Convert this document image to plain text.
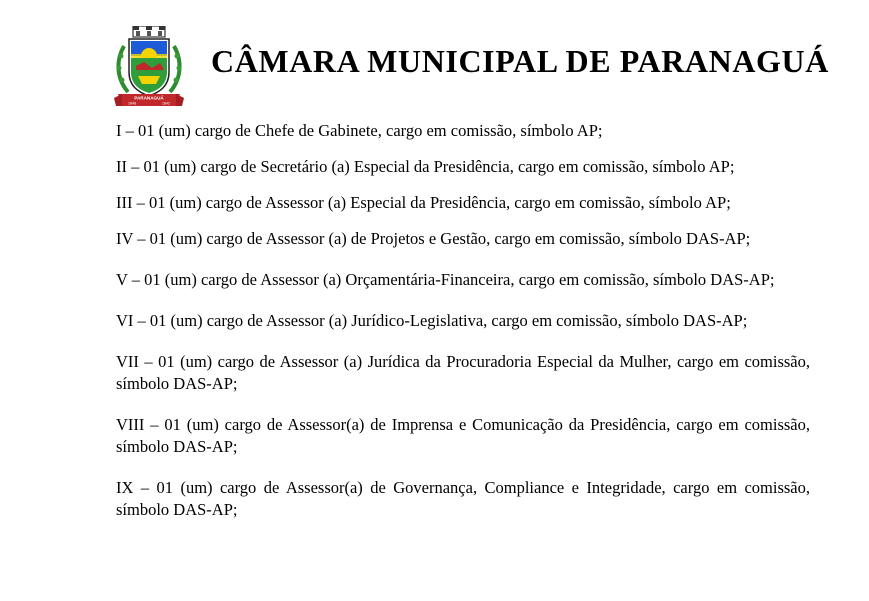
PARANAGUÁ
1648	1842
CÂMARA MUNICIPAL DE PARANAGUÁ

I – 01 (um) cargo de Chefe de Gabinete, cargo em comissão, símbolo AP;

II – 01 (um) cargo de Secretário (a) Especial da Presidência, cargo em comissão, símbolo AP;

III – 01 (um) cargo de Assessor (a) Especial da Presidência, cargo em comissão, símbolo AP;

IV – 01 (um) cargo de Assessor (a) de Projetos e Gestão, cargo em comissão, símbolo DAS-AP;

V – 01 (um) cargo de Assessor (a) Orçamentária-Financeira, cargo em comissão, símbolo DAS-AP;

VI – 01 (um) cargo de Assessor (a) Jurídico-Legislativa, cargo em comissão, símbolo DAS-AP;

VII – 01 (um) cargo de Assessor (a) Jurídica da Procuradoria Especial da Mulher, cargo em comissão, símbolo DAS-AP;

VIII – 01 (um) cargo de Assessor(a) de Imprensa e Comunicação da Presidência, cargo em comissão, símbolo DAS-AP;

IX – 01 (um) cargo de Assessor(a) de Governança, Compliance e Integridade, cargo em comissão, símbolo DAS-AP;
